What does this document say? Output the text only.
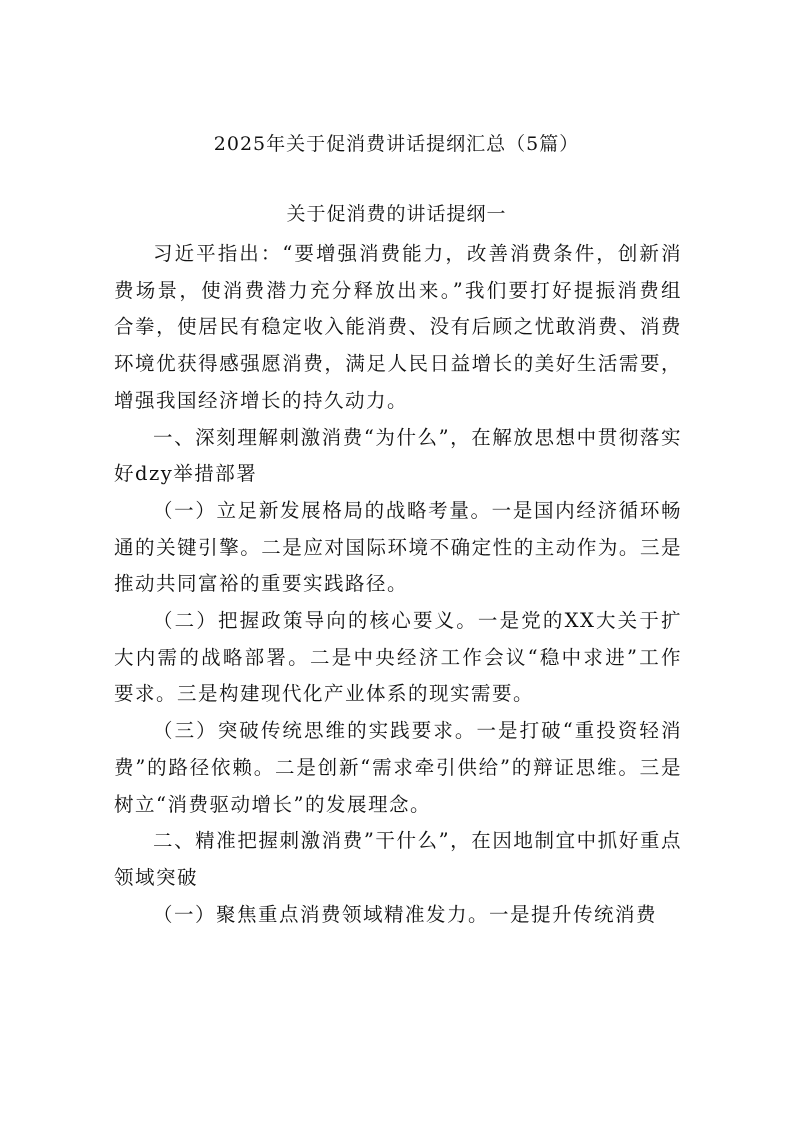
2025年关于促消费讲话提纲汇总（5篇）
关于促消费的讲话提纲一

习近平指出：“要增强消费能力，改善消费条件，创新消费场景，使消费潜力充分释放出来。”我们要打好提振消费组合拳，使居民有稳定收入能消费、没有后顾之忧敢消费、消费环境优获得感强愿消费，满足人民日益增长的美好生活需要，增强我国经济增长的持久动力。

一、深刻理解刺激消费“为什么”，在解放思想中贯彻落实好dzy举措部署

（一）立足新发展格局的战略考量。一是国内经济循环畅通的关键引擎。二是应对国际环境不确定性的主动作为。三是推动共同富裕的重要实践路径。

（二）把握政策导向的核心要义。一是党的XX大关于扩大内需的战略部署。二是中央经济工作会议“稳中求进”工作要求。三是构建现代化产业体系的现实需要。

（三）突破传统思维的实践要求。一是打破“重投资轻消费”的路径依赖。二是创新“需求牵引供给”的辩证思维。三是树立“消费驱动增长”的发展理念。

二、精准把握刺激消费”干什么”，在因地制宜中抓好重点领域突破

（一）聚焦重点消费领域精准发力。一是提升传统消费
